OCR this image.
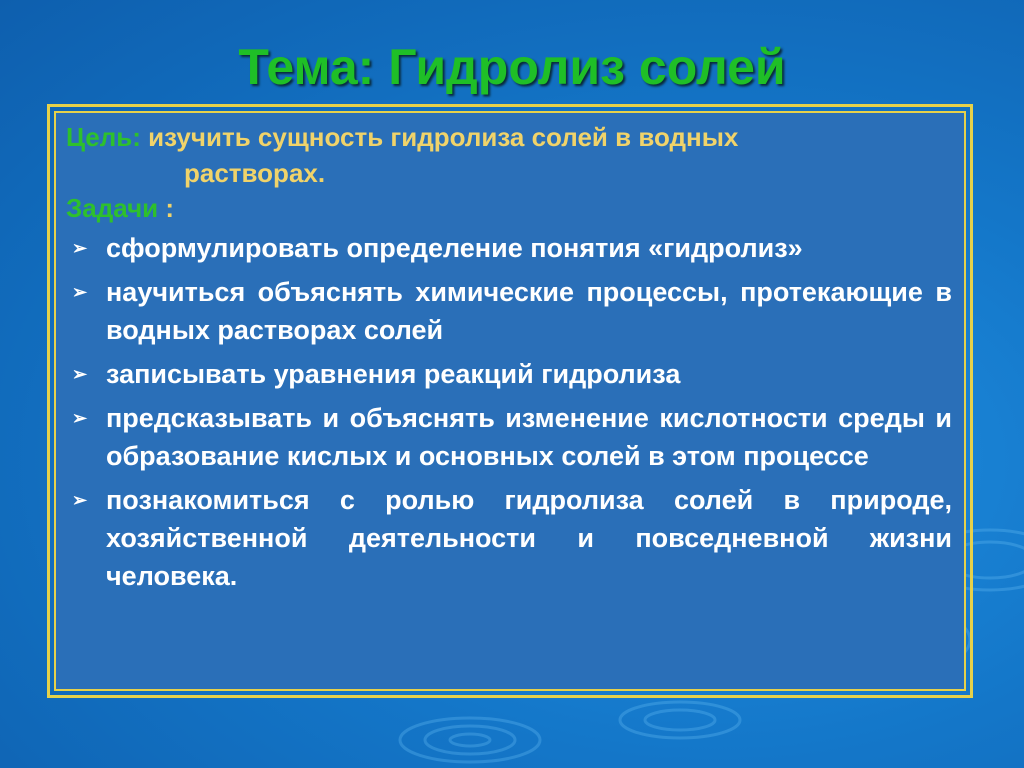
Тема: Гидролиз солей
Цель: изучить сущность гидролиза солей в водных
растворах.
Задачи :
➢ сформулировать определение понятия «гидролиз»
➢ научиться объяснять химические процессы, протекающие в водных растворах солей
➢ записывать уравнения реакций гидролиза
➢ предсказывать и объяснять изменение кислотности среды и образование кислых и основных солей в этом процессе
➢ познакомиться с ролью гидролиза солей в природе, хозяйственной деятельности и повседневной жизни человека.
